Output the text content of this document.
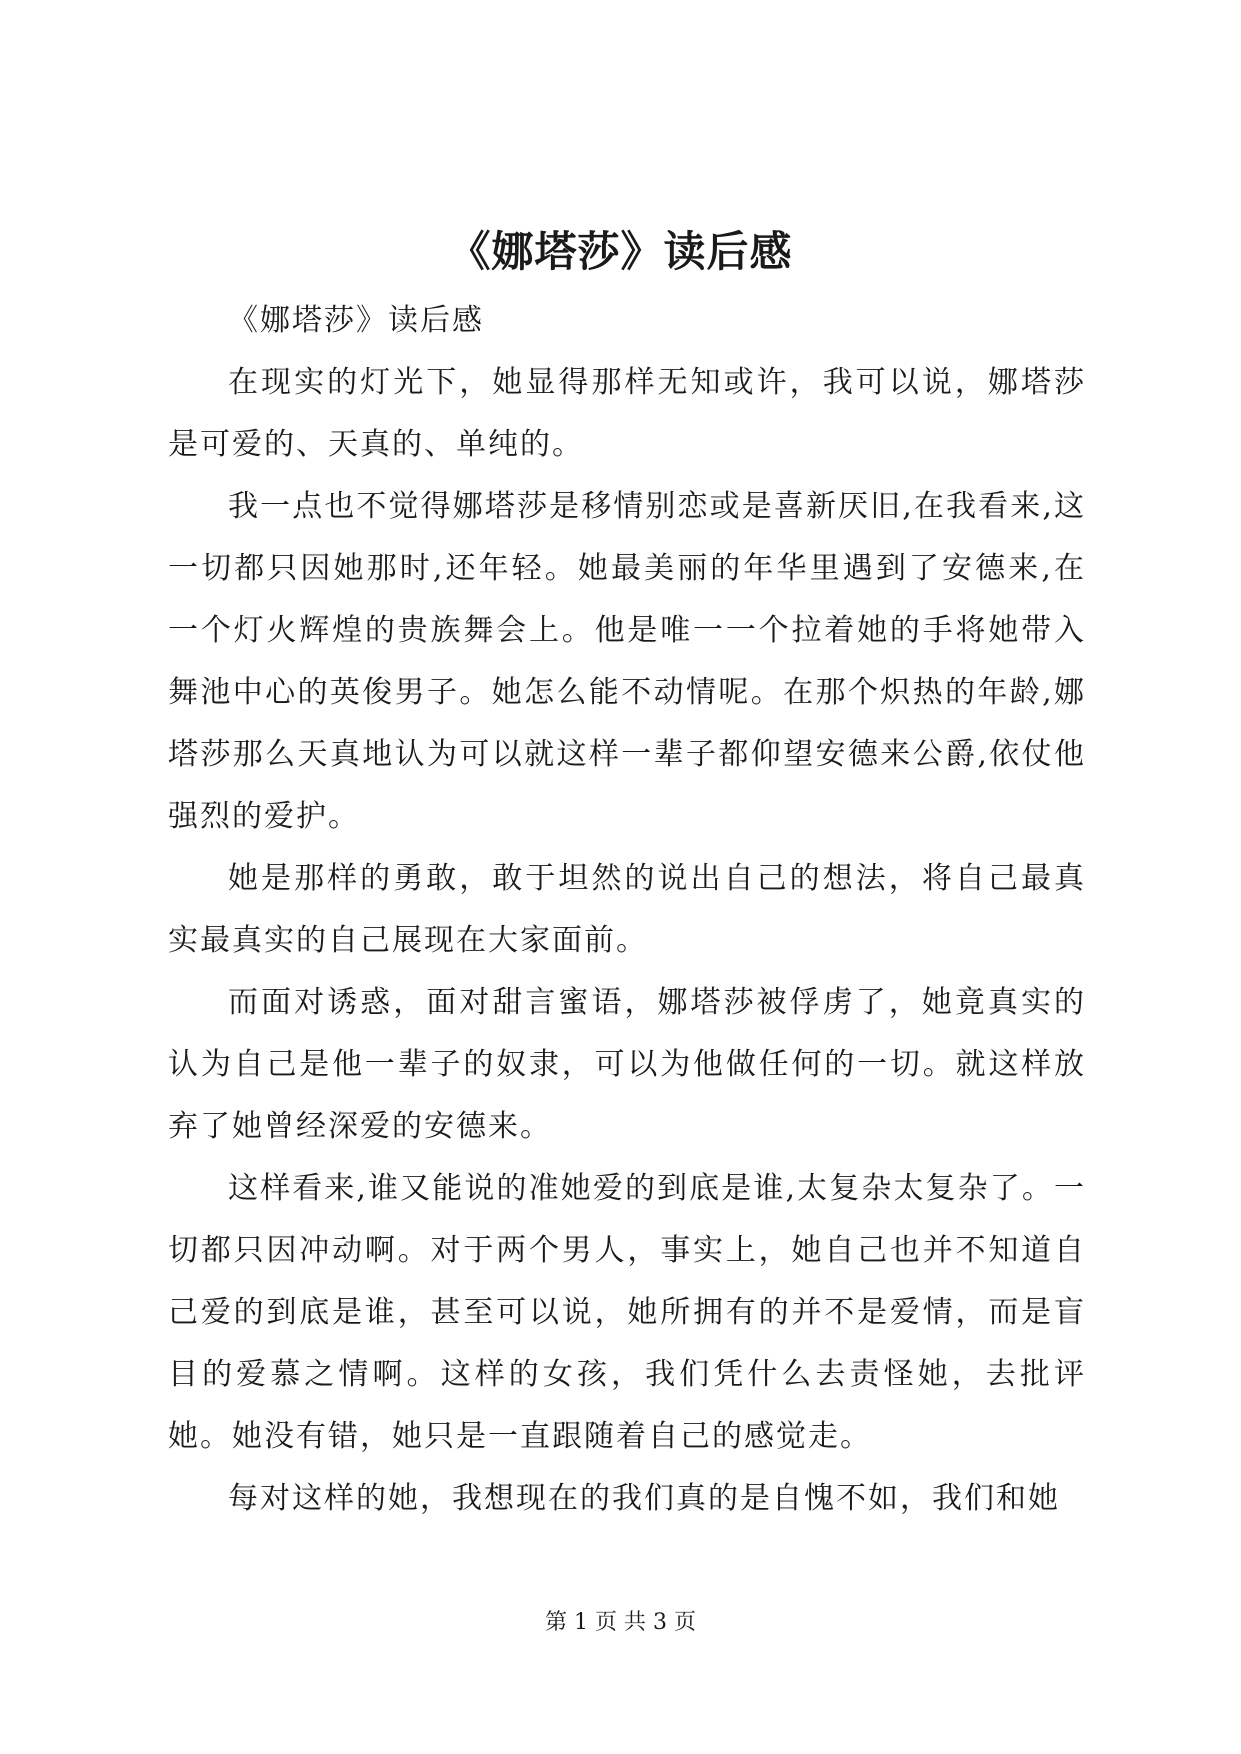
《娜塔莎》读后感

《娜塔莎》读后感

在现实的灯光下，她显得那样无知或许，我可以说，娜塔莎是可爱的、天真的、单纯的。

我一点也不觉得娜塔莎是移情别恋或是喜新厌旧,在我看来,这一切都只因她那时,还年轻。她最美丽的年华里遇到了安德来,在一个灯火辉煌的贵族舞会上。他是唯一一个拉着她的手将她带入舞池中心的英俊男子。她怎么能不动情呢。在那个炽热的年龄,娜塔莎那么天真地认为可以就这样一辈子都仰望安德来公爵,依仗他强烈的爱护。

她是那样的勇敢，敢于坦然的说出自己的想法，将自己最真实最真实的自己展现在大家面前。

而面对诱惑，面对甜言蜜语，娜塔莎被俘虏了，她竟真实的认为自己是他一辈子的奴隶，可以为他做任何的一切。就这样放弃了她曾经深爱的安德来。

这样看来,谁又能说的准她爱的到底是谁,太复杂太复杂了。一切都只因冲动啊。对于两个男人，事实上，她自己也并不知道自己爱的到底是谁，甚至可以说，她所拥有的并不是爱情，而是盲目的爱慕之情啊。这样的女孩，我们凭什么去责怪她，去批评她。她没有错，她只是一直跟随着自己的感觉走。

每对这样的她，我想现在的我们真的是自愧不如，我们和她

第 1 页 共 3 页
